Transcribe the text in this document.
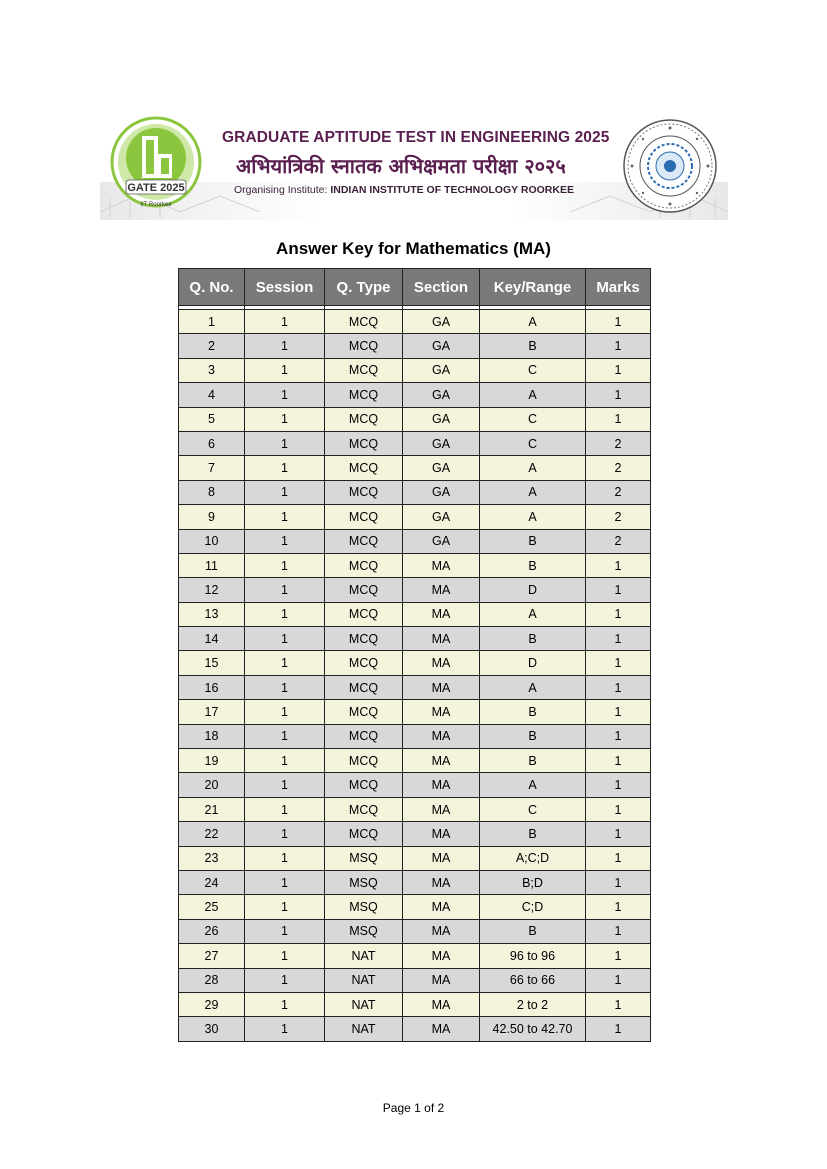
GATE 2025
IIT Roorkee
GRADUATE APTITUDE TEST IN ENGINEERING 2025
अभियांत्रिकी स्नातक अभिक्षमता परीक्षा २०२५
Organising Institute: INDIAN INSTITUTE OF TECHNOLOGY ROORKEE
Answer Key for Mathematics (MA)
Q. No.	Session	Q. Type	Section	Key/Range	Marks

1	1	MCQ	GA	A	1
2	1	MCQ	GA	B	1
3	1	MCQ	GA	C	1
4	1	MCQ	GA	A	1
5	1	MCQ	GA	C	1
6	1	MCQ	GA	C	2
7	1	MCQ	GA	A	2
8	1	MCQ	GA	A	2
9	1	MCQ	GA	A	2
10	1	MCQ	GA	B	2
11	1	MCQ	MA	B	1
12	1	MCQ	MA	D	1
13	1	MCQ	MA	A	1
14	1	MCQ	MA	B	1
15	1	MCQ	MA	D	1
16	1	MCQ	MA	A	1
17	1	MCQ	MA	B	1
18	1	MCQ	MA	B	1
19	1	MCQ	MA	B	1
20	1	MCQ	MA	A	1
21	1	MCQ	MA	C	1
22	1	MCQ	MA	B	1
23	1	MSQ	MA	A;C;D	1
24	1	MSQ	MA	B;D	1
25	1	MSQ	MA	C;D	1
26	1	MSQ	MA	B	1
27	1	NAT	MA	96 to 96	1
28	1	NAT	MA	66 to 66	1
29	1	NAT	MA	2 to 2	1
30	1	NAT	MA	42.50 to 42.70	1
Page 1 of 2
